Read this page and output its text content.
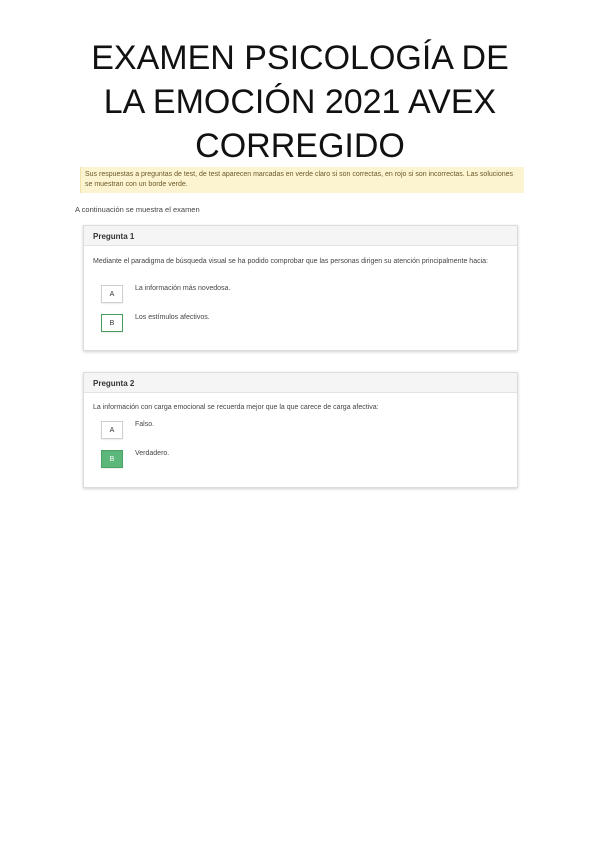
EXAMEN PSICOLOGÍA DE
LA EMOCIÓN 2021 AVEX
CORREGIDO
Sus respuestas a preguntas de test, de test aparecen marcadas en verde claro si son correctas, en rojo si son incorrectas. Las soluciones se muestran con un borde verde.
A continuación se muestra el examen
Pregunta 1
Mediante el paradigma de búsqueda visual se ha podido comprobar que las personas dirigen su atención principalmente hacia:
A
La información más novedosa.
B
Los estímulos afectivos.
Pregunta 2
La información con carga emocional se recuerda mejor que la que carece de carga afectiva:
A
Falso.
B
Verdadero.
